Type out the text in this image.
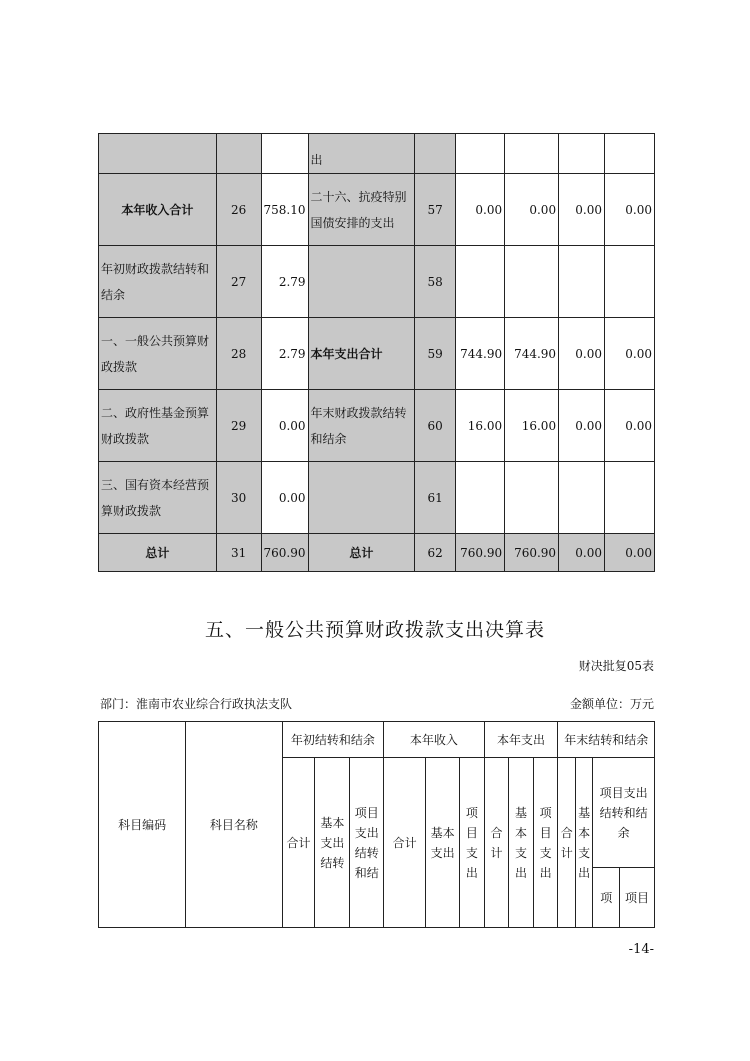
			出					
本年收入合计	26	758.10	二十六、抗疫特别国债安排的支出	57	0.00	0.00	0.00	0.00
年初财政拨款结转和结余	27	2.79		58				
一、一般公共预算财政拨款	28	2.79	本年支出合计	59	744.90	744.90	0.00	0.00
二、政府性基金预算财政拨款	29	0.00	年末财政拨款结转和结余	60	16.00	16.00	0.00	0.00
三、国有资本经营预算财政拨款	30	0.00		61				
总计	31	760.90	总计	62	760.90	760.90	0.00	0.00
五、一般公共预算财政拨款支出决算表
财决批复05表
部门：淮南市农业综合行政执法支队	金额单位：万元
科目编码	科目名称	年初结转和结余			本年收入			本年支出			年末结转和结余			
		合计	基本支出结转	项目支出结转和结	合计	基本支出	项目支出	合计	基本支出	项目支出	合计	基本支出	项目支出结转和结余	
													项	项目
-14-
